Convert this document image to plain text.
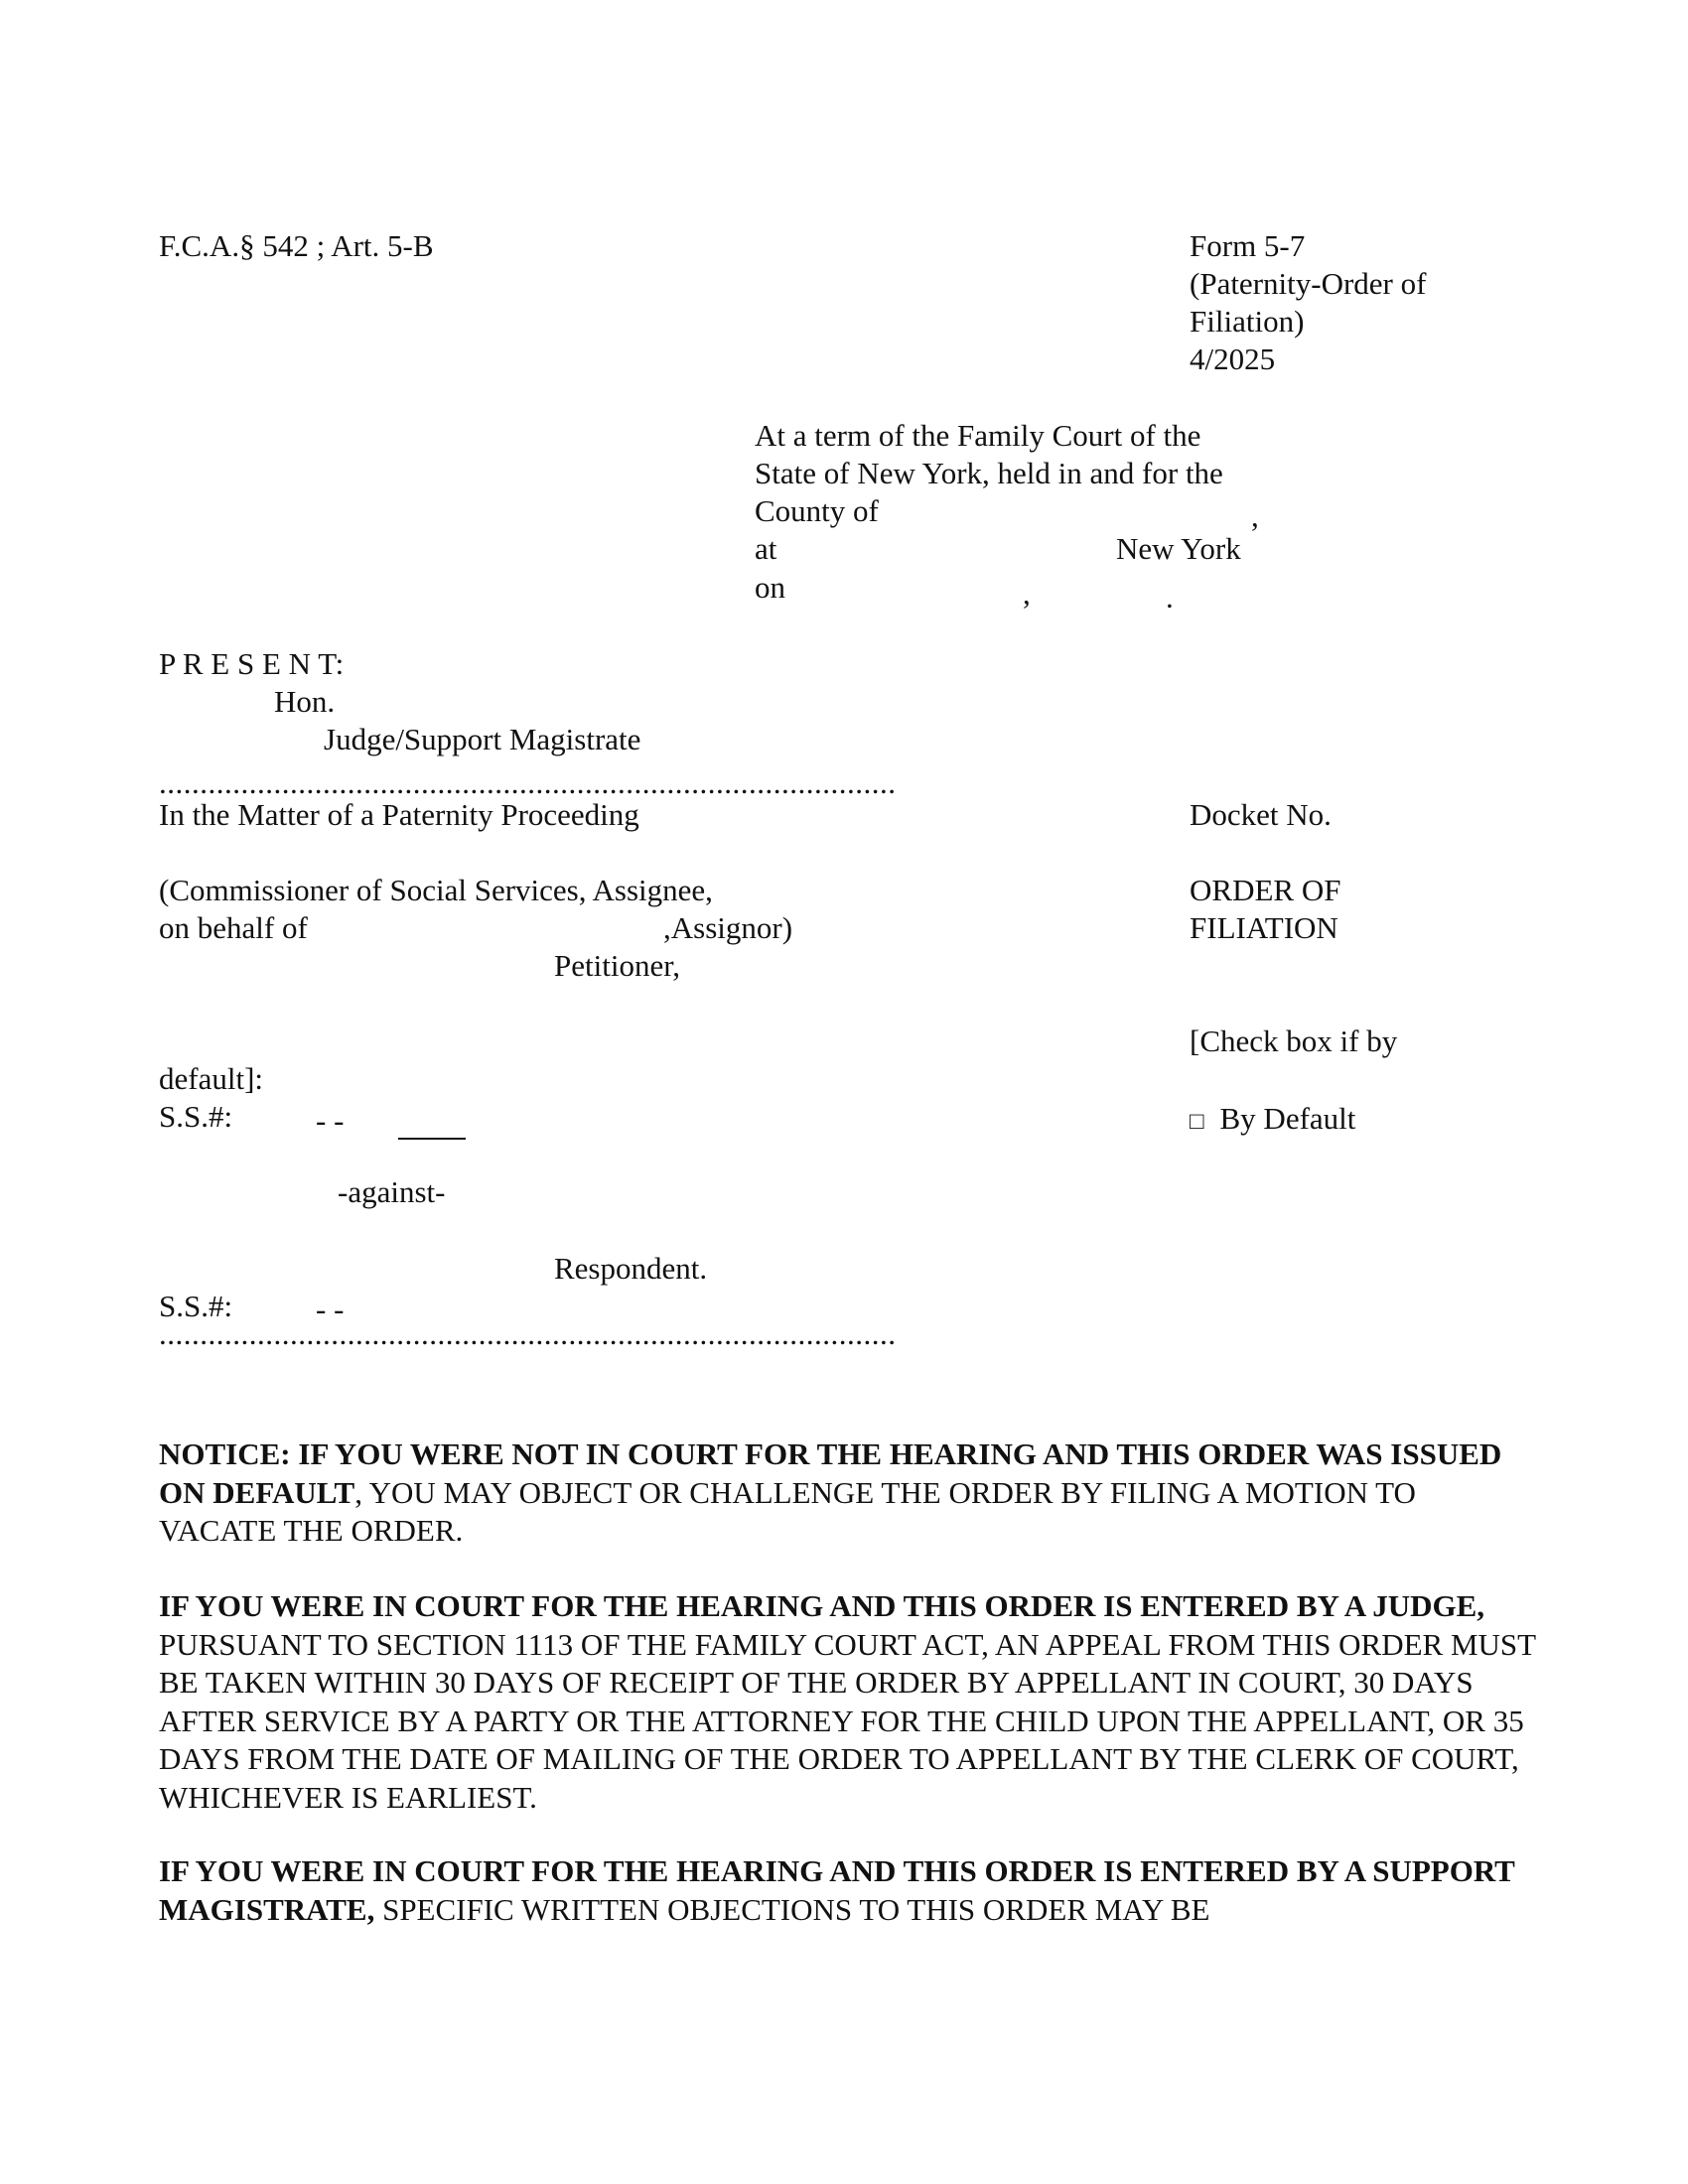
F.C.A.§ 542 ; Art. 5-B	Form 5-7
(Paternity-Order of
Filiation)
4/2025
At a term of the Family Court of the
State of New York, held in and for the
County of	,
at	New York
on	,	.
P R E S E N T:
Hon.
Judge/Support Magistrate
..........................................................................................
In the Matter of a Paternity Proceeding	Docket No.
(Commissioner of Social Services, Assignee,
on behalf of	,Assignor)
Petitioner,
ORDER OF
FILIATION
[Check box if by
default]:
S.S.#:	- -	□ By Default
-against-
Respondent.
S.S.#:	- -
..........................................................................................
NOTICE: IF YOU WERE NOT IN COURT FOR THE HEARING AND THIS ORDER WAS ISSUED ON DEFAULT, YOU MAY OBJECT OR CHALLENGE THE ORDER BY FILING A MOTION TO VACATE THE ORDER.
IF YOU WERE IN COURT FOR THE HEARING AND THIS ORDER IS ENTERED BY A JUDGE, PURSUANT TO SECTION 1113 OF THE FAMILY COURT ACT, AN APPEAL FROM THIS ORDER MUST BE TAKEN WITHIN 30 DAYS OF RECEIPT OF THE ORDER BY APPELLANT IN COURT, 30 DAYS AFTER SERVICE BY A PARTY OR THE ATTORNEY FOR THE CHILD UPON THE APPELLANT, OR 35 DAYS FROM THE DATE OF MAILING OF THE ORDER TO APPELLANT BY THE CLERK OF COURT, WHICHEVER IS EARLIEST.
IF YOU WERE IN COURT FOR THE HEARING AND THIS ORDER IS ENTERED BY A SUPPORT MAGISTRATE, SPECIFIC WRITTEN OBJECTIONS TO THIS ORDER MAY BE
